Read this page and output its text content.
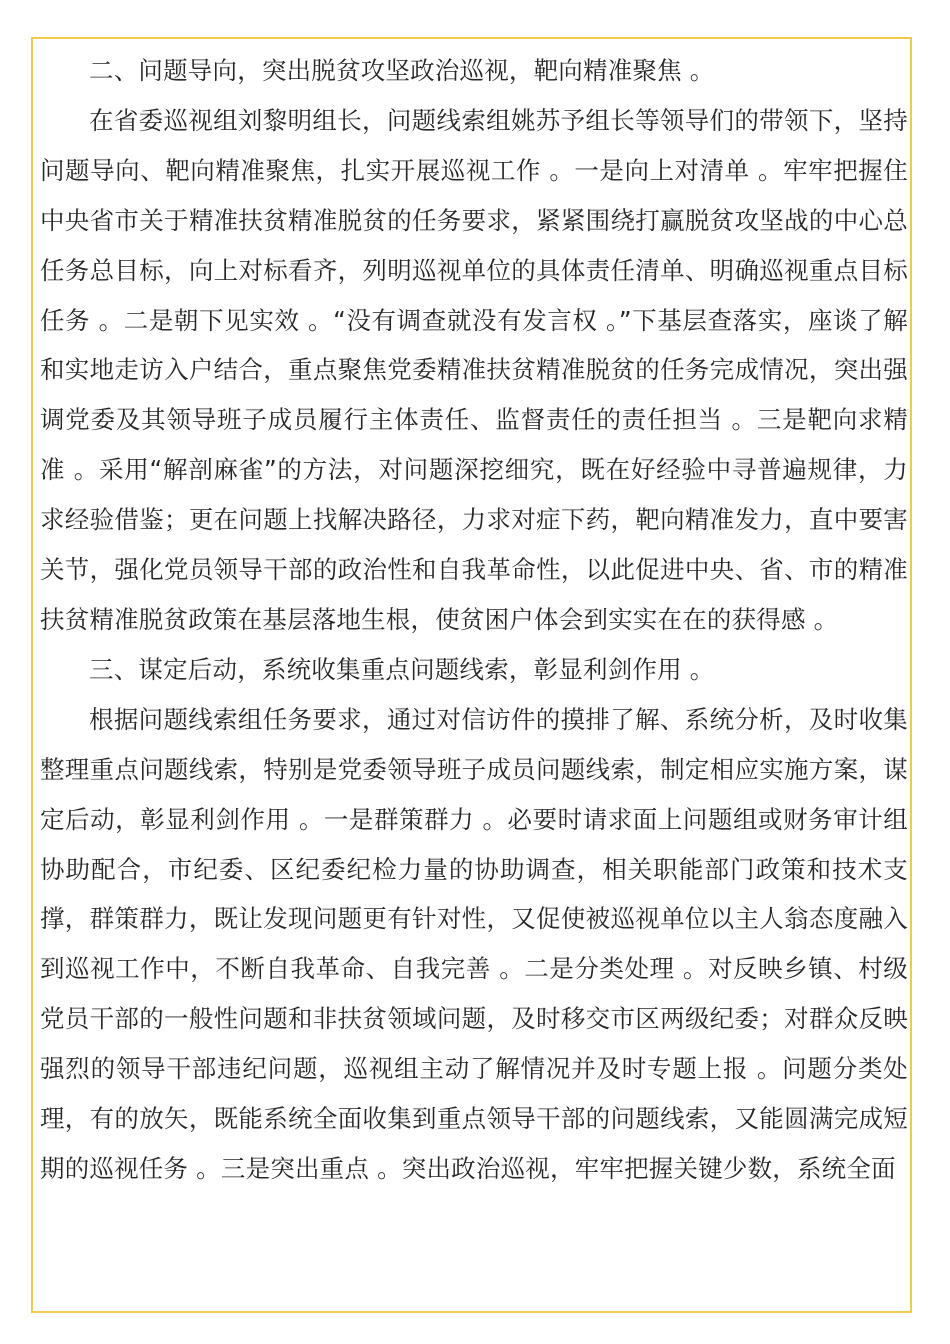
二、问题导向，突出脱贫攻坚政治巡视，靶向精准聚焦 。

在省委巡视组刘黎明组长，问题线索组姚苏予组长等领导们的带领下，坚持问题导向、靶向精准聚焦，扎实开展巡视工作 。一是向上对清单 。牢牢把握住中央省市关于精准扶贫精准脱贫的任务要求，紧紧围绕打赢脱贫攻坚战的中心总任务总目标，向上对标看齐，列明巡视单位的具体责任清单、明确巡视重点目标任务 。二是朝下见实效 。“没有调查就没有发言权 。”下基层查落实，座谈了解和实地走访入户结合，重点聚焦党委精准扶贫精准脱贫的任务完成情况，突出强调党委及其领导班子成员履行主体责任、监督责任的责任担当 。三是靶向求精准 。采用“解剖麻雀”的方法，对问题深挖细究，既在好经验中寻普遍规律，力求经验借鉴；更在问题上找解决路径，力求对症下药，靶向精准发力，直中要害关节，强化党员领导干部的政治性和自我革命性，以此促进中央、省、市的精准扶贫精准脱贫政策在基层落地生根，使贫困户体会到实实在在的获得感 。

三、谋定后动，系统收集重点问题线索，彰显利剑作用 。

根据问题线索组任务要求，通过对信访件的摸排了解、系统分析，及时收集整理重点问题线索，特别是党委领导班子成员问题线索，制定相应实施方案，谋定后动，彰显利剑作用 。一是群策群力 。必要时请求面上问题组或财务审计组协助配合，市纪委、区纪委纪检力量的协助调查，相关职能部门政策和技术支撑，群策群力，既让发现问题更有针对性，又促使被巡视单位以主人翁态度融入到巡视工作中，不断自我革命、自我完善 。二是分类处理 。对反映乡镇、村级党员干部的一般性问题和非扶贫领域问题，及时移交市区两级纪委；对群众反映强烈的领导干部违纪问题，巡视组主动了解情况并及时专题上报 。问题分类处理，有的放矢，既能系统全面收集到重点领导干部的问题线索，又能圆满完成短期的巡视任务 。三是突出重点 。突出政治巡视，牢牢把握关键少数，系统全面
